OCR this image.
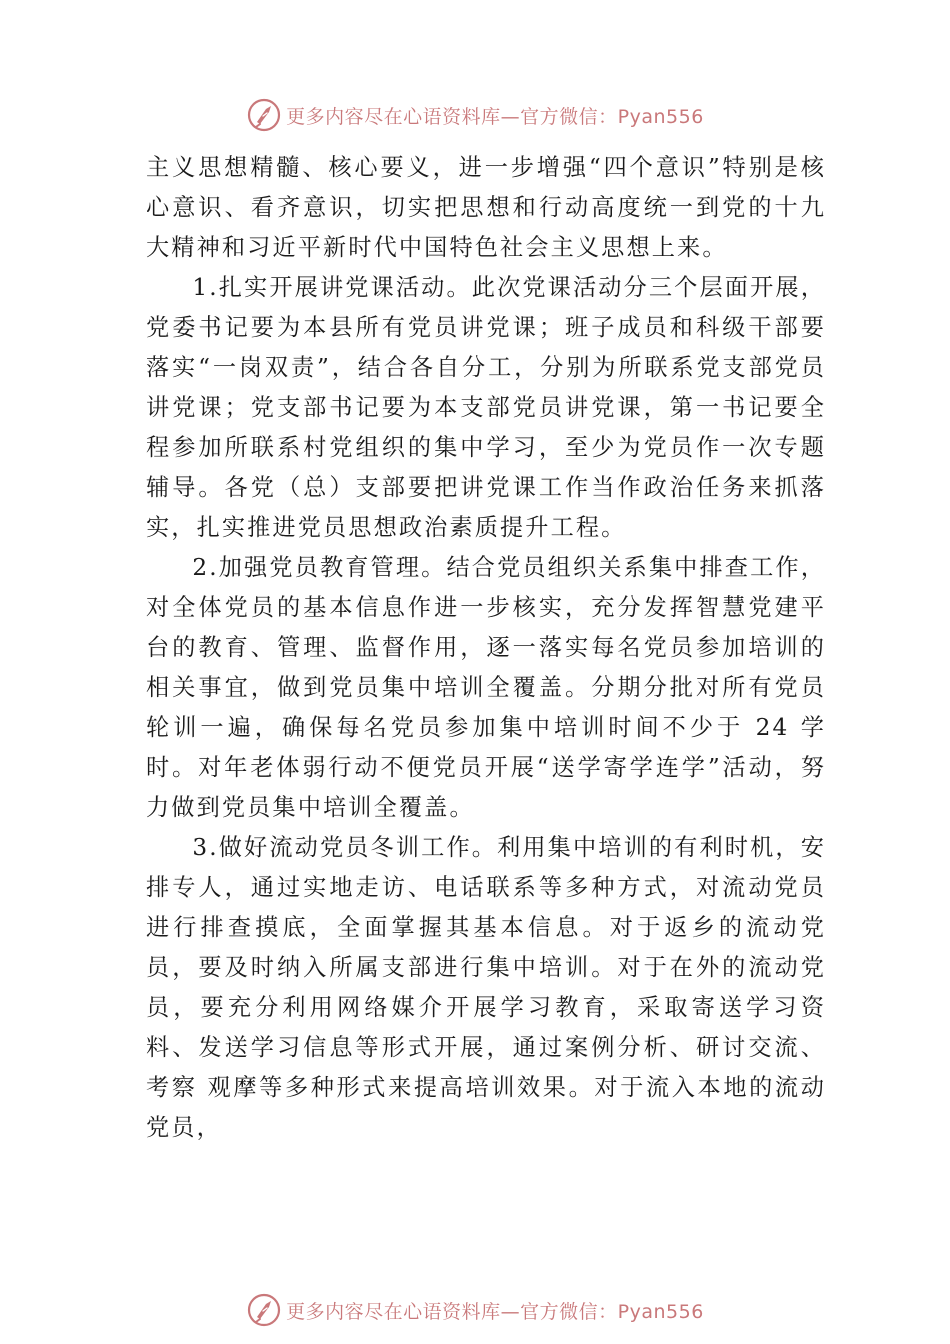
更多内容尽在心语资料库—官方微信：Pyan556

主义思想精髓、核心要义，进一步增强“四个意识”特别是核心意识、看齐意识，切实把思想和行动高度统一到党的十九大精神和习近平新时代中国特色社会主义思想上来。

1.扎实开展讲党课活动。此次党课活动分三个层面开展，党委书记要为本县所有党员讲党课；班子成员和科级干部要落实“一岗双责”，结合各自分工，分别为所联系党支部党员讲党课；党支部书记要为本支部党员讲党课，第一书记要全程参加所联系村党组织的集中学习，至少为党员作一次专题辅导。各党（总）支部要把讲党课工作当作政治任务来抓落实，扎实推进党员思想政治素质提升工程。

2.加强党员教育管理。结合党员组织关系集中排查工作，对全体党员的基本信息作进一步核实，充分发挥智慧党建平台的教育、管理、监督作用，逐一落实每名党员参加培训的相关事宜，做到党员集中培训全覆盖。分期分批对所有党员轮训一遍，确保每名党员参加集中培训时间不少于 24 学时。对年老体弱行动不便党员开展“送学寄学连学”活动，努力做到党员集中培训全覆盖。

3.做好流动党员冬训工作。利用集中培训的有利时机，安排专人，通过实地走访、电话联系等多种方式，对流动党员进行排查摸底，全面掌握其基本信息。对于返乡的流动党员，要及时纳入所属支部进行集中培训。对于在外的流动党员，要充分利用网络媒介开展学习教育，采取寄送学习资料、发送学习信息等形式开展，通过案例分析、研讨交流、考察 观摩等多种形式来提高培训效果。对于流入本地的流动党员，

更多内容尽在心语资料库—官方微信：Pyan556
